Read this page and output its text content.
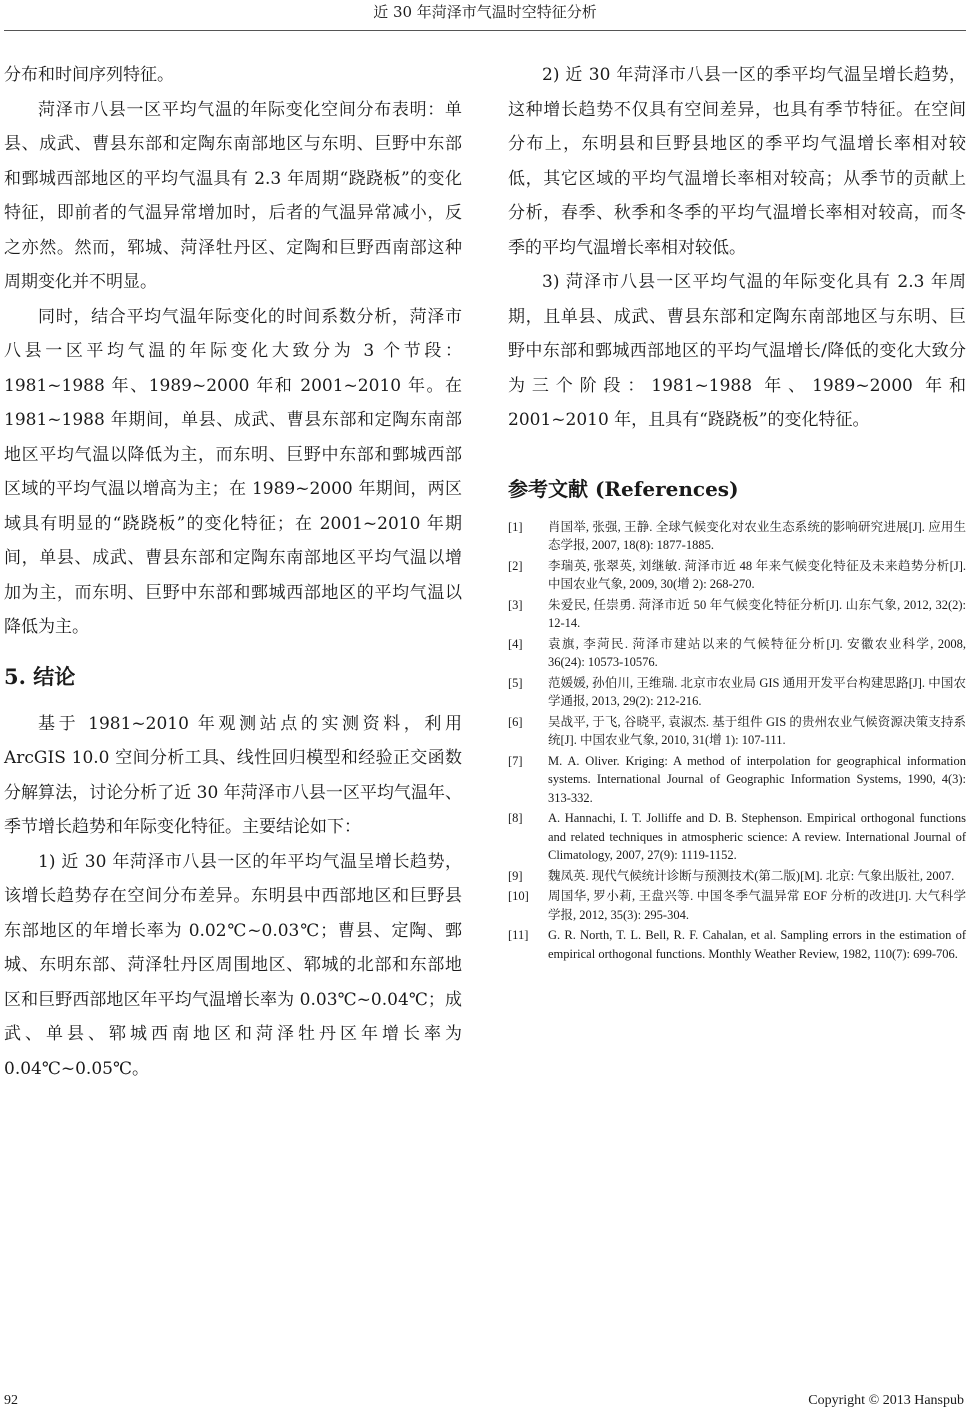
近 30 年菏泽市气温时空特征分析

分布和时间序列特征。

菏泽市八县一区平均气温的年际变化空间分布表明：单县、成武、曹县东部和定陶东南部地区与东明、巨野中东部和鄄城西部地区的平均气温具有 2.3 年周期“跷跷板”的变化特征，即前者的气温异常增加时，后者的气温异常减小，反之亦然。然而，郓城、菏泽牡丹区、定陶和巨野西南部这种周期变化并不明显。

同时，结合平均气温年际变化的时间系数分析，菏泽市八县一区平均气温的年际变化大致分为 3 个节段：1981~1988 年、1989~2000 年和 2001~2010 年。在 1981~1988 年期间，单县、成武、曹县东部和定陶东南部地区平均气温以降低为主，而东明、巨野中东部和鄄城西部区域的平均气温以增高为主；在 1989~2000 年期间，两区域具有明显的“跷跷板”的变化特征；在 2001~2010 年期间，单县、成武、曹县东部和定陶东南部地区平均气温以增加为主，而东明、巨野中东部和鄄城西部地区的平均气温以降低为主。

5. 结论

基于 1981~2010 年观测站点的实测资料，利用 ArcGIS 10.0 空间分析工具、线性回归模型和经验正交函数分解算法，讨论分析了近 30 年菏泽市八县一区平均气温年、季节增长趋势和年际变化特征。主要结论如下：

1) 近 30 年菏泽市八县一区的年平均气温呈增长趋势，该增长趋势存在空间分布差异。东明县中西部地区和巨野县东部地区的年增长率为 0.02℃~0.03℃；曹县、定陶、鄄城、东明东部、菏泽牡丹区周围地区、郓城的北部和东部地区和巨野西部地区年平均气温增长率为 0.03℃~0.04℃；成武、单县、郓城西南地区和菏泽牡丹区年增长率为 0.04℃~0.05℃。

2) 近 30 年菏泽市八县一区的季平均气温呈增长趋势，这种增长趋势不仅具有空间差异，也具有季节特征。在空间分布上，东明县和巨野县地区的季平均气温增长率相对较低，其它区域的平均气温增长率相对较高；从季节的贡献上分析，春季、秋季和冬季的平均气温增长率相对较高，而冬季的平均气温增长率相对较低。

3) 菏泽市八县一区平均气温的年际变化具有 2.3 年周期，且单县、成武、曹县东部和定陶东南部地区与东明、巨野中东部和鄄城西部地区的平均气温增长/降低的变化大致分为三个阶段：1981~1988 年、1989~2000 年和 2001~2010 年，且具有“跷跷板”的变化特征。

参考文献 (References)
[1]	肖国举, 张强, 王静. 全球气候变化对农业生态系统的影响研究进展[J]. 应用生态学报, 2007, 18(8): 1877-1885.
[2]	李瑞英, 张翠英, 刘继敏. 菏泽市近 48 年来气候变化特征及未来趋势分析[J]. 中国农业气象, 2009, 30(增 2): 268-270.
[3]	朱爱民, 任崇勇. 菏泽市近 50 年气候变化特征分析[J]. 山东气象, 2012, 32(2): 12-14.
[4]	袁旗, 李菏民. 菏泽市建站以来的气候特征分析[J]. 安徽农业科学, 2008, 36(24): 10573-10576.
[5]	范媛媛, 孙伯川, 王维瑞. 北京市农业局 GIS 通用开发平台构建思路[J]. 中国农学通报, 2013, 29(2): 212-216.
[6]	吴战平, 于飞, 谷晓平, 袁淑杰. 基于组件 GIS 的贵州农业气候资源决策支持系统[J]. 中国农业气象, 2010, 31(增 1): 107-111.
[7]	M. A. Oliver. Kriging: A method of interpolation for geographical information systems. International Journal of Geographic Information Systems, 1990, 4(3): 313-332.
[8]	A. Hannachi, I. T. Jolliffe and D. B. Stephenson. Empirical orthogonal functions and related techniques in atmospheric science: A review. International Journal of Climatology, 2007, 27(9): 1119-1152.
[9]	魏凤英. 现代气候统计诊断与预测技术(第二版)[M]. 北京: 气象出版社, 2007.
[10]	周国华, 罗小莉, 王盘兴等. 中国冬季气温异常 EOF 分析的改进[J]. 大气科学学报, 2012, 35(3): 295-304.
[11]	G. R. North, T. L. Bell, R. F. Cahalan, et al. Sampling errors in the estimation of empirical orthogonal functions. Monthly Weather Review, 1982, 110(7): 699-706.
92	Copyright © 2013 Hanspub
